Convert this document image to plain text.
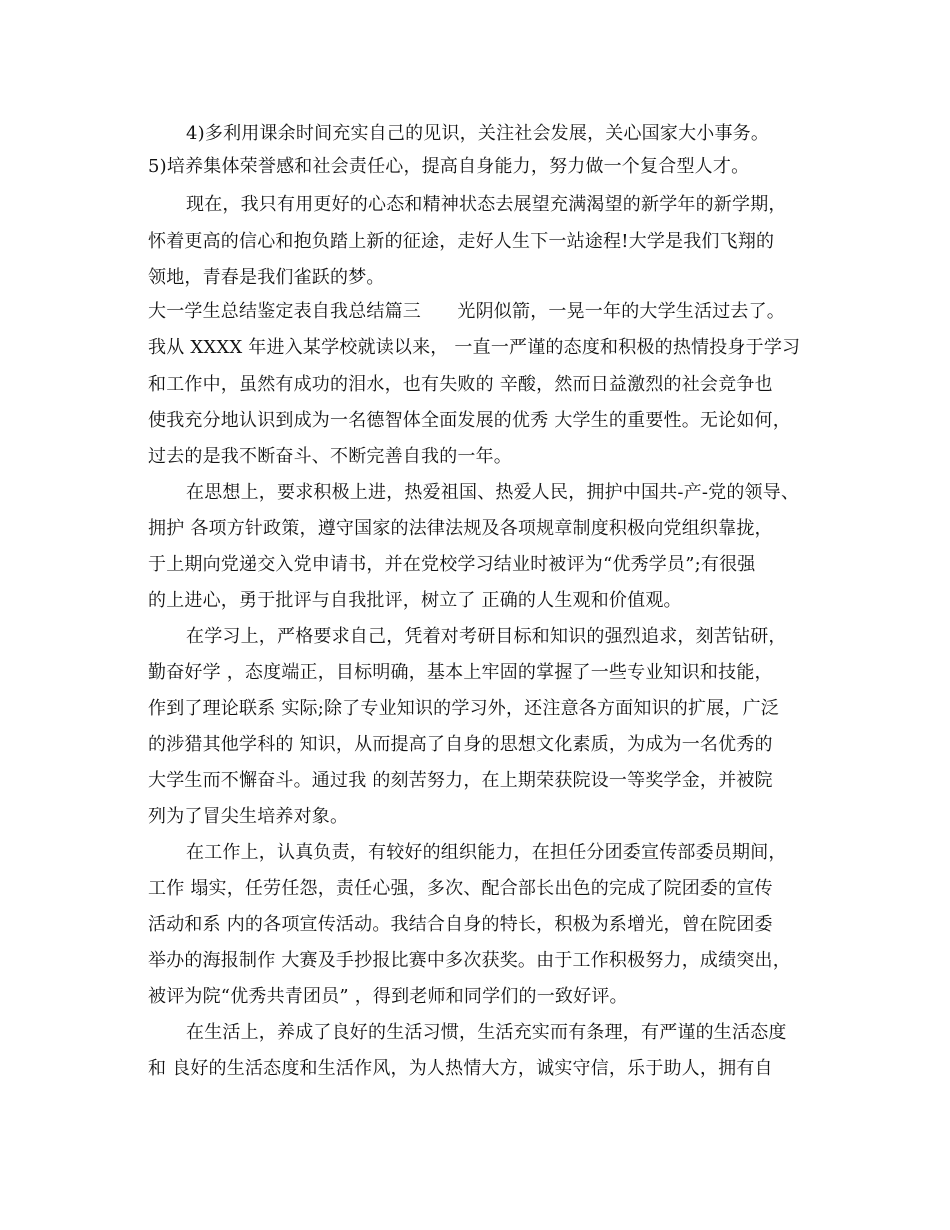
4)多利用课余时间充实自己的见识，关注社会发展，关心国家大小事务。
5)培养集体荣誉感和社会责任心，提高自身能力，努力做一个复合型人才。
现在，我只有用更好的心态和精神状态去展望充满渴望的新学年的新学期，
怀着更高的信心和抱负踏上新的征途，走好人生下一站途程!大学是我们飞翔的
领地，青春是我们雀跃的梦。
大一学生总结鉴定表自我总结篇三　　光阴似箭，一晃一年的大学生活过去了。
我从 XXXX 年进入某学校就读以来， 一直一严谨的态度和积极的热情投身于学习
和工作中，虽然有成功的泪水，也有失败的 辛酸，然而日益激烈的社会竞争也
使我充分地认识到成为一名德智体全面发展的优秀 大学生的重要性。无论如何，
过去的是我不断奋斗、不断完善自我的一年。
在思想上，要求积极上进，热爱祖国、热爱人民，拥护中国共-产-党的领导、
拥护 各项方针政策，遵守国家的法律法规及各项规章制度积极向党组织靠拢，
于上期向党递交入党申请书，并在党校学习结业时被评为“优秀学员”;有很强
的上进心，勇于批评与自我批评，树立了 正确的人生观和价值观。
在学习上，严格要求自己，凭着对考研目标和知识的强烈追求，刻苦钻研，
勤奋好学 ，态度端正，目标明确，基本上牢固的掌握了一些专业知识和技能，
作到了理论联系 实际;除了专业知识的学习外，还注意各方面知识的扩展，广泛
的涉猎其他学科的 知识，从而提高了自身的思想文化素质，为成为一名优秀的
大学生而不懈奋斗。通过我 的刻苦努力，在上期荣获院设一等奖学金，并被院
列为了冒尖生培养对象。
在工作上，认真负责，有较好的组织能力，在担任分团委宣传部委员期间，
工作 塌实，任劳任怨，责任心强，多次、配合部长出色的完成了院团委的宣传
活动和系 内的各项宣传活动。我结合自身的特长，积极为系增光，曾在院团委
举办的海报制作 大赛及手抄报比赛中多次获奖。由于工作积极努力，成绩突出，
被评为院“优秀共青团员” ，得到老师和同学们的一致好评。
在生活上，养成了良好的生活习惯，生活充实而有条理，有严谨的生活态度
和 良好的生活态度和生活作风，为人热情大方，诚实守信，乐于助人，拥有自
